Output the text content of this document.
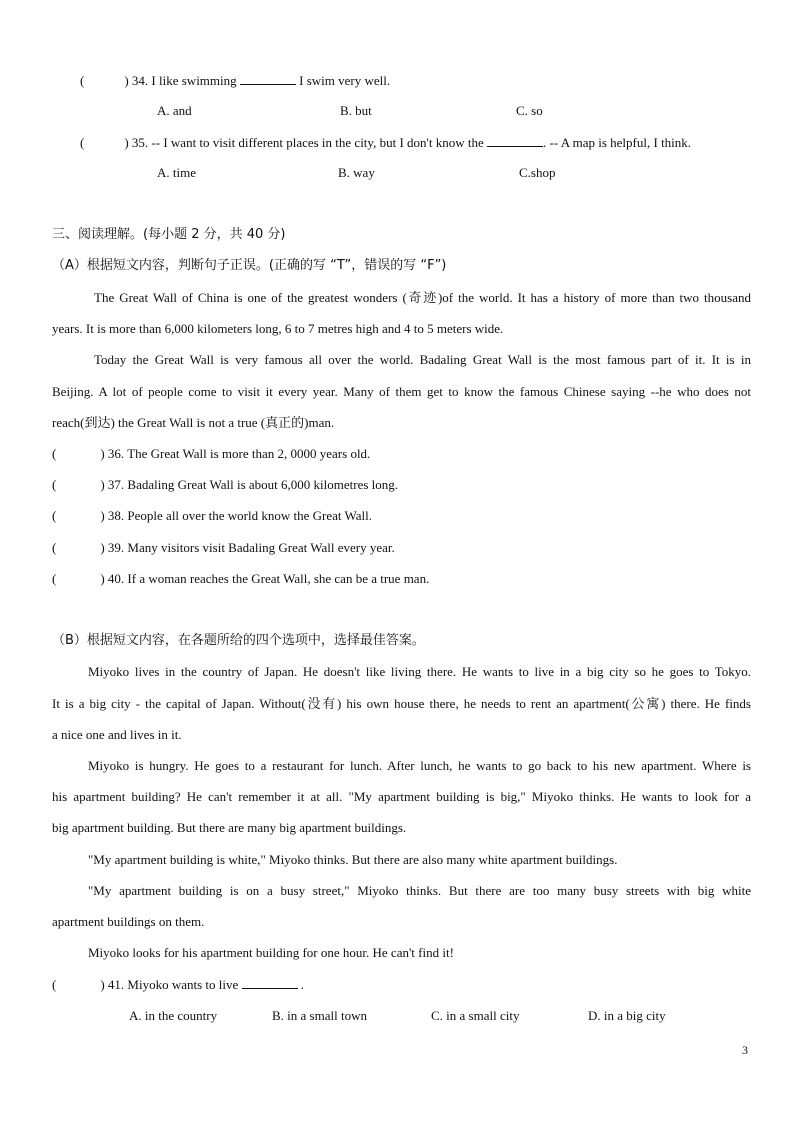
(	) 34. I like swimming	I swim very well.
A. and	B. but	C. so
(	) 35. -- I want to visit different places in the city, but I don't know the	. -- A map is helpful, I think.
A. time	B. way	C.shop
三、阅读理解。(每小题 2 分，共 40 分)
（A）根据短文内容，判断句子正误。(正确的写 “T”，错误的写 “F”)
The Great Wall of China is one of the greatest wonders (奇迹)of the world. It has a history of more than two thousand
years. It is more than 6,000 kilometers long, 6 to 7 metres high and 4 to 5 meters wide.
Today the Great Wall is very famous all over the world. Badaling Great Wall is the most famous part of it. It is in
Beijing. A lot of people come to visit it every year. Many of them get to know the famous Chinese saying --he who does not
reach(到达) the Great Wall is not a true (真正的)man.
(	) 36. The Great Wall is more than 2, 0000 years old.
(	) 37. Badaling Great Wall is about 6,000 kilometres long.
(	) 38. People all over the world know the Great Wall.
(	) 39. Many visitors visit Badaling Great Wall every year.
(	) 40. If a woman reaches the Great Wall, she can be a true man.
（B）根据短文内容，在各题所给的四个选项中，选择最佳答案。
Miyoko lives in the country of Japan. He doesn't like living there. He wants to live in a big city so he goes to Tokyo.
It is a big city - the capital of Japan. Without(没有) his own house there, he needs to rent an apartment(公寓) there. He finds
a nice one and lives in it.
Miyoko is hungry. He goes to a restaurant for lunch. After lunch, he wants to go back to his new apartment. Where is
his apartment building? He can't remember it at all. "My apartment building is big," Miyoko thinks. He wants to look for a
big apartment building. But there are many big apartment buildings.
"My apartment building is white," Miyoko thinks. But there are also many white apartment buildings.
"My apartment building is on a busy street," Miyoko thinks. But there are too many busy streets with big white
apartment buildings on them.
Miyoko looks for his apartment building for one hour. He can't find it!
(	) 41. Miyoko wants to live	.
A. in the country	B. in a small town	C. in a small city	D. in a big city
3
